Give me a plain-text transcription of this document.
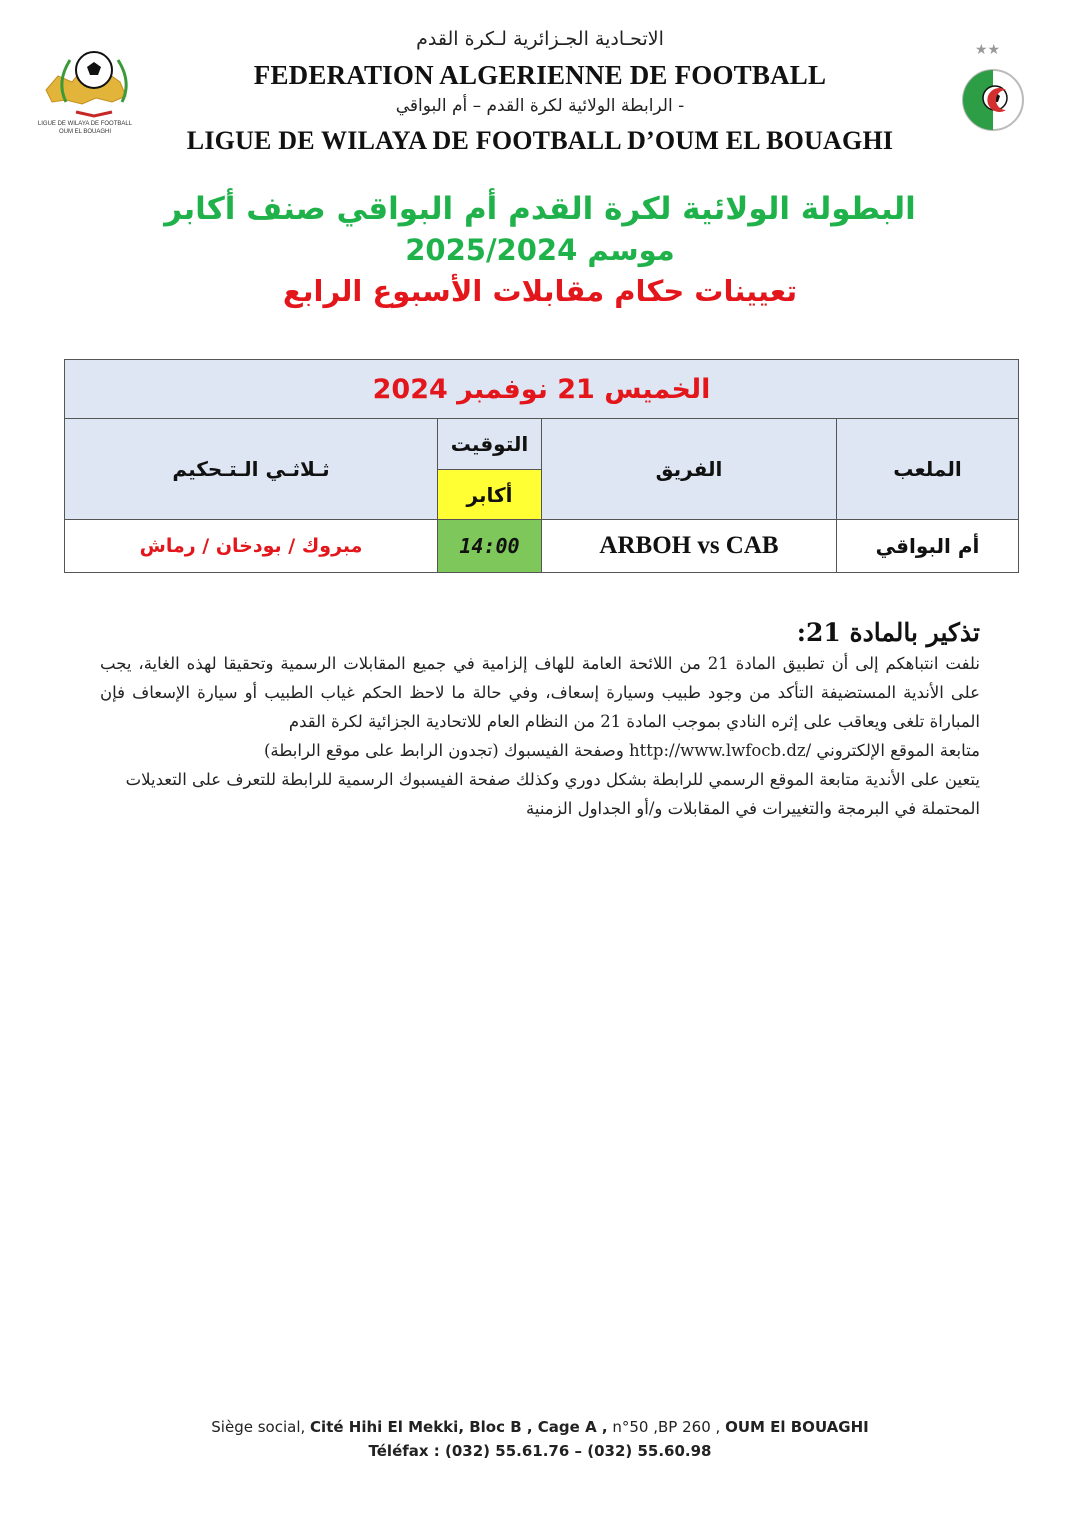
LIGUE DE WILAYA DE FOOTBALL
OUM EL BOUAGHI
★★
الاتحـادية الجـزائرية لـكرة القدم
FEDERATION ALGERIENNE DE FOOTBALL
الرابطة الولائية لكرة القدم – أم البواقي -
LIGUE DE WILAYA DE FOOTBALL D’OUM EL BOUAGHI
البطولة الولائية لكرة القدم أم البواقي صنف أكابر
موسم 2025/2024
تعيينات حكام مقابلات الأسبوع الرابع
الخميس 21 نوفمبر 2024
الملعب
الفريق
التوقيت
أكابر
ثـلاثـي الـتـحكيم
أم البواقي
ARBOH vs CAB
14:00
مبروك / بودخان / رماش
تذكير بالمادة 21:

نلفت انتباهكم إلى أن تطبيق المادة 21 من اللائحة العامة للهاف إلزامية في جميع المقابلات الرسمية وتحقيقا لهذه الغاية، يجب على الأندية المستضيفة التأكد من وجود طبيب وسيارة إسعاف، وفي حالة ما لاحظ الحكم غياب الطبيب أو سيارة الإسعاف فإن المباراة تلغى ويعاقب على إثره النادي بموجب المادة 21 من النظام العام للاتحادية الجزائية لكرة القدم

متابعة الموقع الإلكتروني /http://www.lwfocb.dz وصفحة الفيسبوك (تجدون الرابط على موقع الرابطة)

يتعين على الأندية متابعة الموقع الرسمي للرابطة بشكل دوري وكذلك صفحة الفيسبوك الرسمية للرابطة للتعرف على التعديلات المحتملة في البرمجة والتغييرات في المقابلات و/أو الجداول الزمنية

Siège social, Cité Hihi El Mekki, Bloc B , Cage A , n°50 ,BP 260 , OUM El BOUAGHI
Téléfax : (032) 55.61.76 – (032) 55.60.98
